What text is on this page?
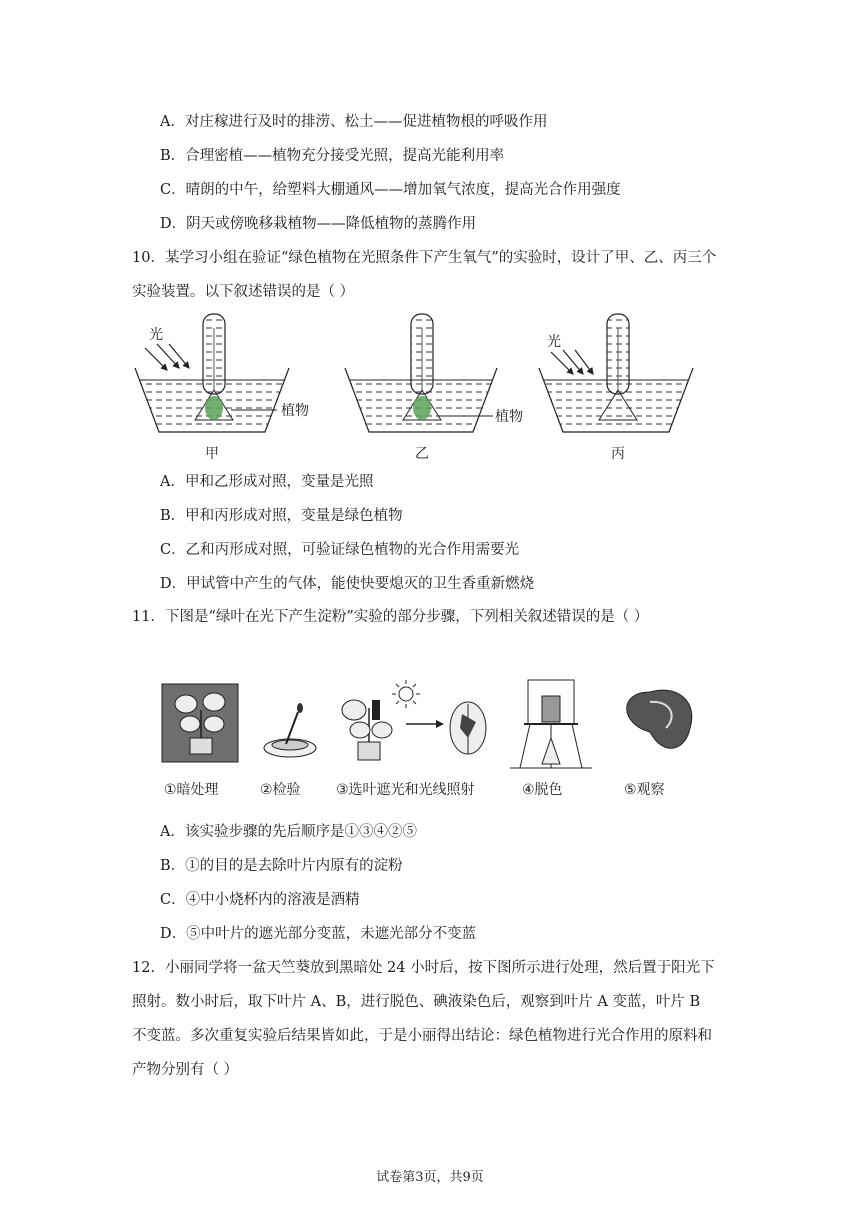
A．对庄稼进行及时的排涝、松土——促进植物根的呼吸作用
B．合理密植——植物充分接受光照，提高光能利用率
C．晴朗的中午，给塑料大棚通风——增加氧气浓度，提高光合作用强度
D．阴天或傍晚移栽植物——降低植物的蒸腾作用
10．某学习小组在验证“绿色植物在光照条件下产生氧气”的实验时，设计了甲、乙、丙三个
实验装置。以下叙述错误的是（ ）
植物
光
甲
植物
乙
光
丙
A．甲和乙形成对照，变量是光照
B．甲和丙形成对照，变量是绿色植物
C．乙和丙形成对照，可验证绿色植物的光合作用需要光
D．甲试管中产生的气体，能使快要熄灭的卫生香重新燃烧
11．下图是“绿叶在光下产生淀粉”实验的部分步骤，下列相关叙述错误的是（ ）
①暗处理	②检验	③选叶遮光和光线照射	④脱色	⑤观察
A．该实验步骤的先后顺序是①③④②⑤
B．①的目的是去除叶片内原有的淀粉
C．④中小烧杯内的溶液是酒精
D．⑤中叶片的遮光部分变蓝，未遮光部分不变蓝
12．小丽同学将一盆天竺葵放到黑暗处 24 小时后，按下图所示进行处理，然后置于阳光下
照射。数小时后，取下叶片 A、B，进行脱色、碘液染色后，观察到叶片 A 变蓝，叶片 B
不变蓝。多次重复实验后结果皆如此，于是小丽得出结论：绿色植物进行光合作用的原料和
产物分别有（ ）
试卷第3页，共9页
